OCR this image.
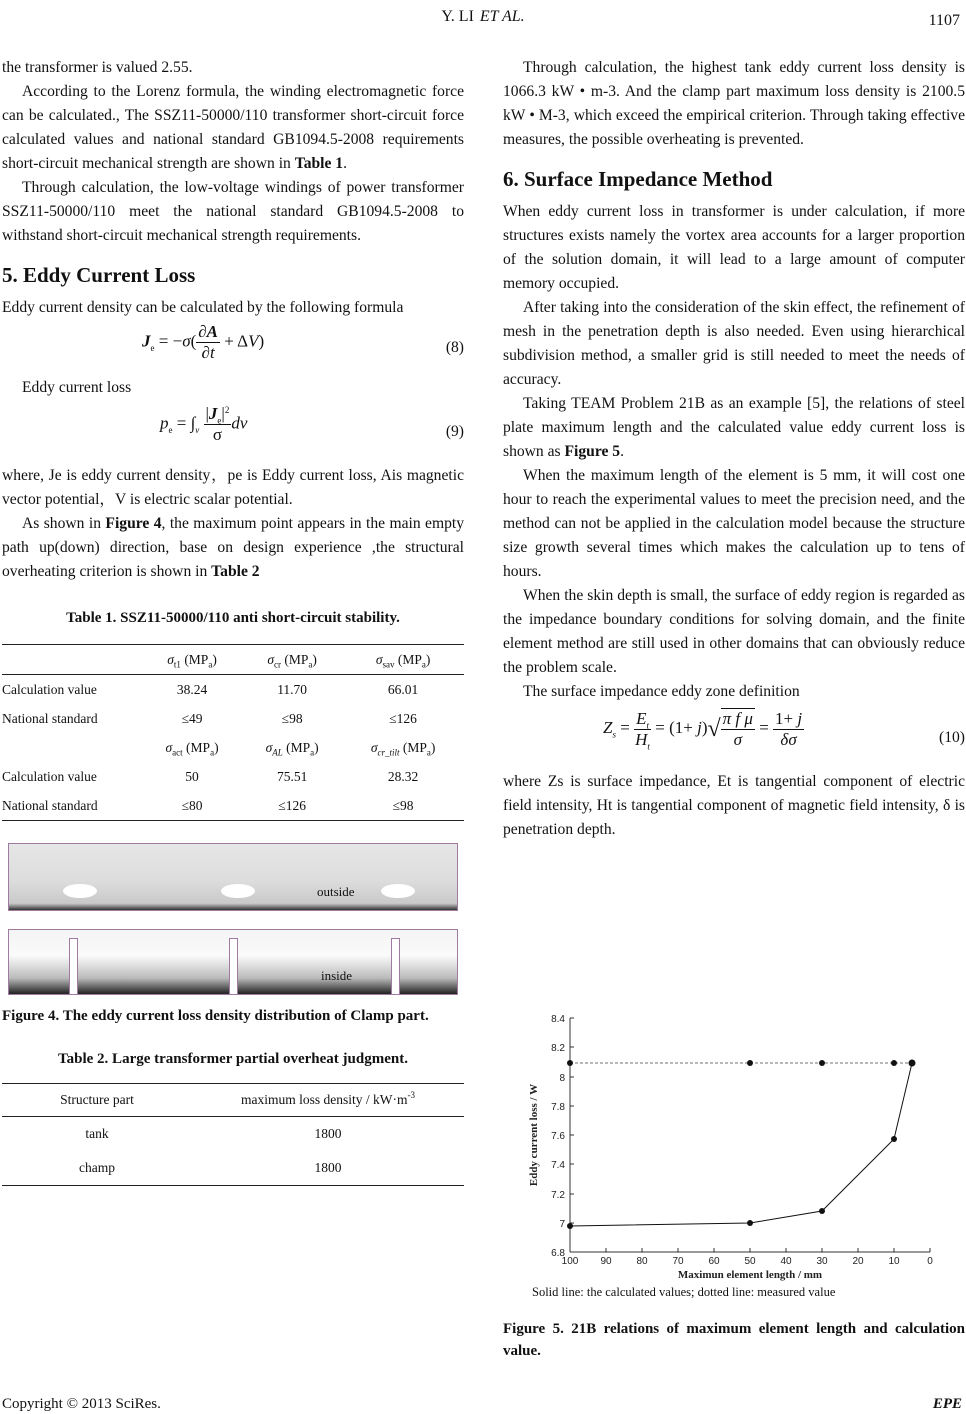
Y. LI ET AL.	1107

the transformer is valued 2.55.

According to the Lorenz formula, the winding electromagnetic force can be calculated., The SSZ11-50000/110 transformer short-circuit force calculated values and national standard GB1094.5-2008 requirements short-circuit mechanical strength are shown in Table 1.

Through calculation, the low-voltage windings of power transformer SSZ11-50000/110 meet the national standard GB1094.5-2008 to withstand short-circuit mechanical strength requirements.

5. Eddy Current Loss

Eddy current density can be calculated by the following formula

$J_e = -\sigma( \frac{\partial A}{\partial t} + \Delta V)$	(8)

Eddy current loss

$p_e = \int_v \frac{|J_e|^2}{\sigma}$ dv	(9)

where, Je is eddy current density，pe is Eddy current loss, Ais magnetic vector potential，V is electric scalar potential.

As shown in Figure 4, the maximum point appears in the main empty path up(down) direction, base on design experience ,the structural overheating criterion is shown in Table 2

Table 1. SSZ11-50000/110 anti short-circuit stability.
	$\sigma_{t1}$ $(MP_a)$	$\sigma_{cr}$ $(MP_a)$	$\sigma_{sav}$ $(MP_a)$
Calculation value	38.24	11.70	66.01
National standard	≤49	≤98	≤126
	$\sigma_{act}$ $(MP_a)$	$\sigma_{AL}$ $(MP_a)$	$\sigma_{cr\_tilt}$ $(MP_a)$
Calculation value	50	75.51	28.32
National standard	≤80	≤126	≤98
outside
inside

Figure 4. The eddy current loss density distribution of Clamp part.

Table 2. Large transformer partial overheat judgment.
Structure part	maximum loss density / $kW\cdot m^{-3}$
tank	1800
champ	1800

Through calculation, the highest tank eddy current loss density is 1066.3 kW • m-3. And the clamp part maximum loss density is 2100.5 kW • M-3, which exceed the empirical criterion. Through taking effective measures, the possible overheating is prevented.

6. Surface Impedance Method

When eddy current loss in transformer is under calculation, if more structures exists namely the vortex area accounts for a larger proportion of the solution domain, it will lead to a large amount of computer memory occupied.

After taking into the consideration of the skin effect, the refinement of mesh in the penetration depth is also needed. Even using hierarchical subdivision method, a smaller grid is still needed to meet the needs of accuracy.

Taking TEAM Problem 21B as an example [5], the relations of steel plate maximum length and the calculated value eddy current loss is shown as Figure 5.

When the maximum length of the element is 5 mm, it will cost one hour to reach the experimental values to meet the precision need, and the method can not be applied in the calculation model because the structure size growth several times which makes the calculation up to tens of hours.

When the skin depth is small, the surface of eddy region is regarded as the impedance boundary conditions for solving domain, and the finite element method are still used in other domains that can obviously reduce the problem scale.

The surface impedance eddy zone definition

$Z_s = \frac{E_t}{H_t} = (1+ j)√ \frac{\text{π f μ}}{\sigma} = \frac{1+ j}{\delta\sigma}$	(10)

where Zs is surface impedance, Et is tangential component of electric field intensity, Ht is tangential component of magnetic field intensity, δ is penetration depth.

6.8
7
7.2
7.4
7.6
7.8
8
8.2
8.4
100 90 80 70 60 50 40 30 20 10	0
Maximun element length / mm
Eddy current loss / W
Solid line: the calculated values; dotted line: measured value
Figure 5. 21B relations of maximum element length and calculation value.
Copyright © 2013 SciRes.	EPE
